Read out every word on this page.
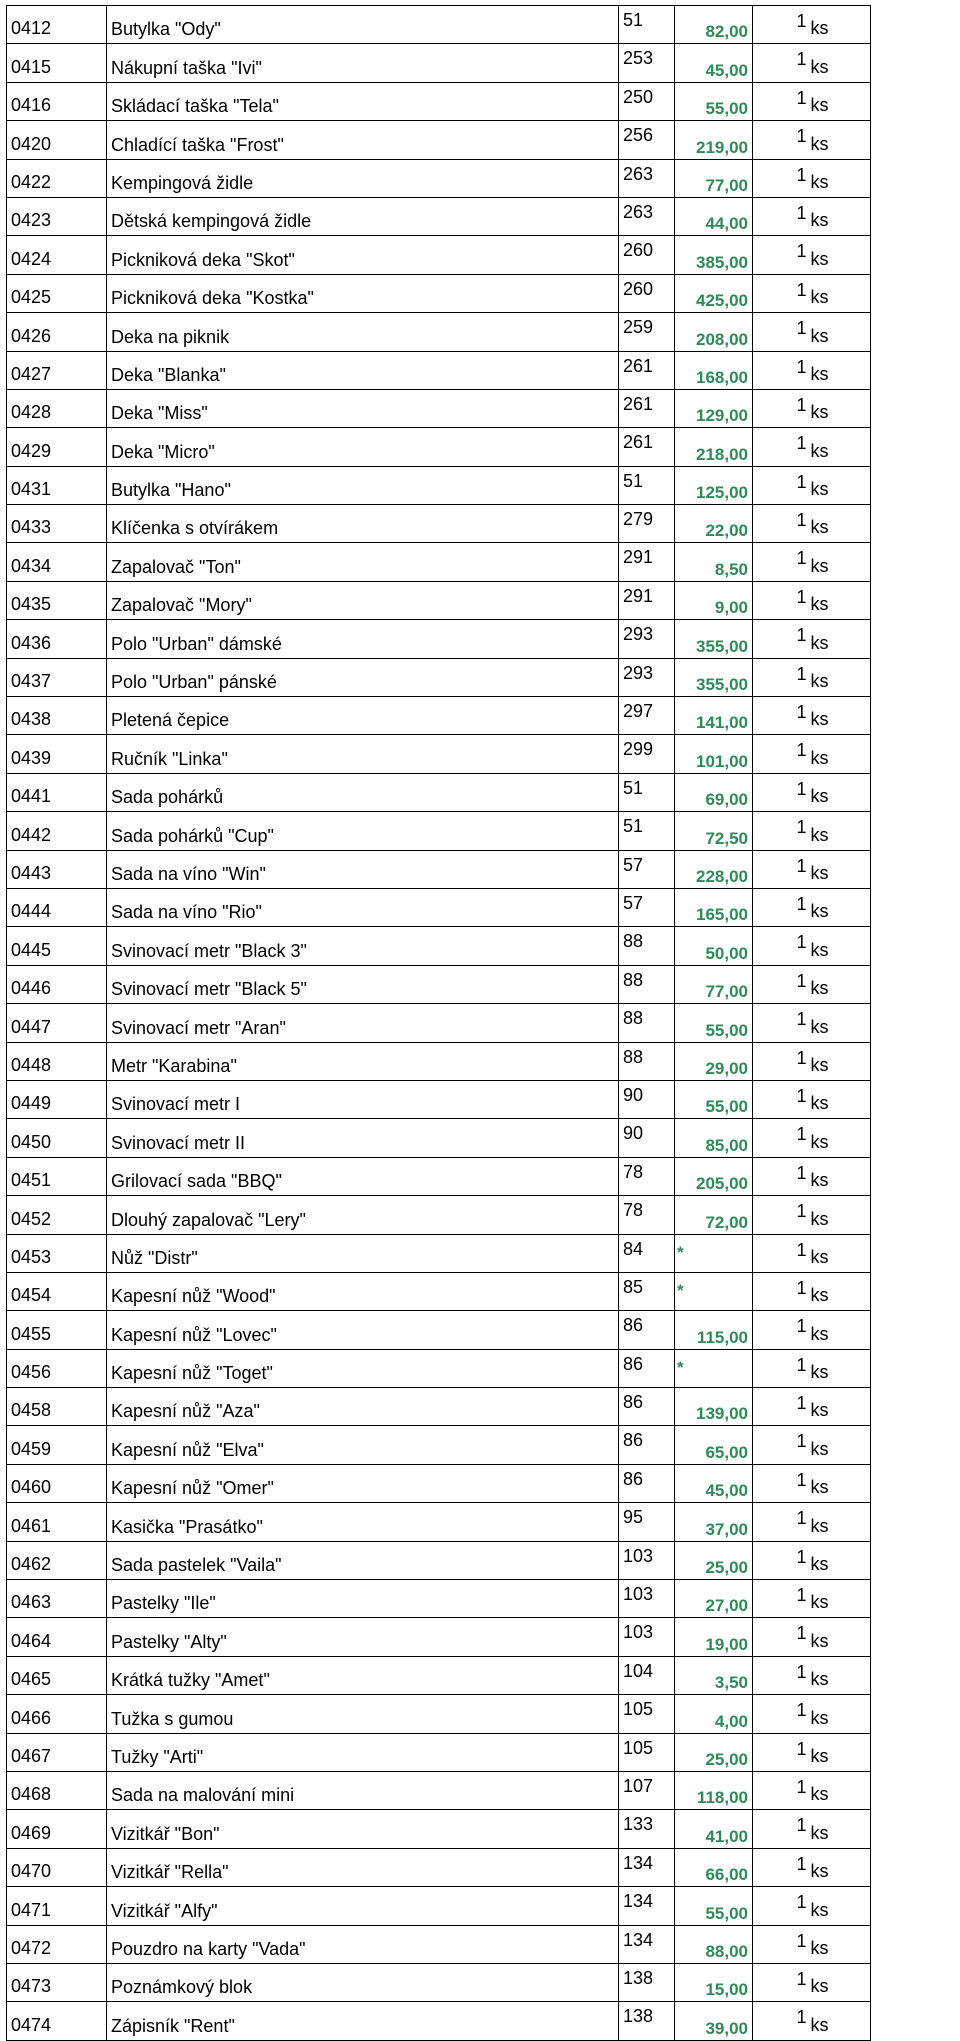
0412	Butylka "Ody"	51	82,00	1	ks
0415	Nákupní taška "Ivi"	253	45,00	1	ks
0416	Skládací taška "Tela"	250	55,00	1	ks
0420	Chladící taška "Frost"	256	219,00	1	ks
0422	Kempingová židle	263	77,00	1	ks
0423	Dětská kempingová židle	263	44,00	1	ks
0424	Pickniková deka "Skot"	260	385,00	1	ks
0425	Pickniková deka "Kostka"	260	425,00	1	ks
0426	Deka na piknik	259	208,00	1	ks
0427	Deka "Blanka"	261	168,00	1	ks
0428	Deka "Miss"	261	129,00	1	ks
0429	Deka "Micro"	261	218,00	1	ks
0431	Butylka "Hano"	51	125,00	1	ks
0433	Klíčenka s otvírákem	279	22,00	1	ks
0434	Zapalovač "Ton"	291	8,50	1	ks
0435	Zapalovač "Mory"	291	9,00	1	ks
0436	Polo "Urban" dámské	293	355,00	1	ks
0437	Polo "Urban" pánské	293	355,00	1	ks
0438	Pletená čepice	297	141,00	1	ks
0439	Ručník "Linka"	299	101,00	1	ks
0441	Sada pohárků	51	69,00	1	ks
0442	Sada pohárků "Cup"	51	72,50	1	ks
0443	Sada na víno "Win"	57	228,00	1	ks
0444	Sada na víno "Rio"	57	165,00	1	ks
0445	Svinovací metr "Black 3"	88	50,00	1	ks
0446	Svinovací metr "Black 5"	88	77,00	1	ks
0447	Svinovací metr "Aran"	88	55,00	1	ks
0448	Metr "Karabina"	88	29,00	1	ks
0449	Svinovací metr I	90	55,00	1	ks
0450	Svinovací metr II	90	85,00	1	ks
0451	Grilovací sada "BBQ"	78	205,00	1	ks
0452	Dlouhý zapalovač "Lery"	78	72,00	1	ks
0453	Nůž "Distr"	84	*	1	ks
0454	Kapesní nůž "Wood"	85	*	1	ks
0455	Kapesní nůž "Lovec"	86	115,00	1	ks
0456	Kapesní nůž "Toget"	86	*	1	ks
0458	Kapesní nůž "Aza"	86	139,00	1	ks
0459	Kapesní nůž "Elva"	86	65,00	1	ks
0460	Kapesní nůž "Omer"	86	45,00	1	ks
0461	Kasička "Prasátko"	95	37,00	1	ks
0462	Sada pastelek "Vaila"	103	25,00	1	ks
0463	Pastelky "Ile"	103	27,00	1	ks
0464	Pastelky "Alty"	103	19,00	1	ks
0465	Krátká tužky "Amet"	104	3,50	1	ks
0466	Tužka s gumou	105	4,00	1	ks
0467	Tužky "Arti"	105	25,00	1	ks
0468	Sada na malování mini	107	118,00	1	ks
0469	Vizitkář "Bon"	133	41,00	1	ks
0470	Vizitkář "Rella"	134	66,00	1	ks
0471	Vizitkář "Alfy"	134	55,00	1	ks
0472	Pouzdro na karty "Vada"	134	88,00	1	ks
0473	Poznámkový blok	138	15,00	1	ks
0474	Zápisník "Rent"	138	39,00	1	ks
